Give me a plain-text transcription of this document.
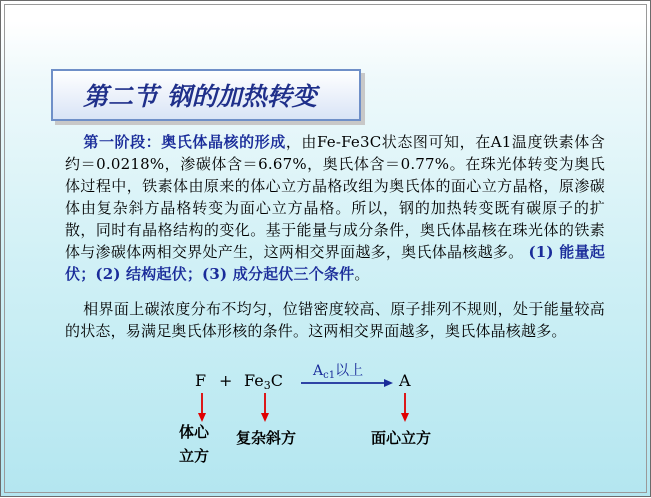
第二节 钢的加热转变
第一阶段：奥氏体晶核的形成，由Fe-Fe3C状态图可知，在A1温度铁素体含约＝0.0218%，渗碳体含＝6.67%，奥氏体含＝0.77%。在珠光体转变为奥氏体过程中，铁素体由原来的体心立方晶格改组为奥氏体的面心立方晶格，原渗碳体由复杂斜方晶格转变为面心立方晶格。所以，钢的加热转变既有碳原子的扩散，同时有晶格结构的变化。基于能量与成分条件，奥氏体晶核在珠光体的铁素体与渗碳体两相交界处产生，这两相交界面越多，奥氏体晶核越多。 (1) 能量起伏；(2) 结构起伏；(3) 成分起伏三个条件。
相界面上碳浓度分布不均匀，位错密度较高、原子排列不规则，处于能量较高的状态，易满足奥氏体形核的条件。这两相交界面越多，奥氏体晶核越多。
F + Fe3C $A_{c1}$以上 A
体心
立方
复杂斜方	面心立方
